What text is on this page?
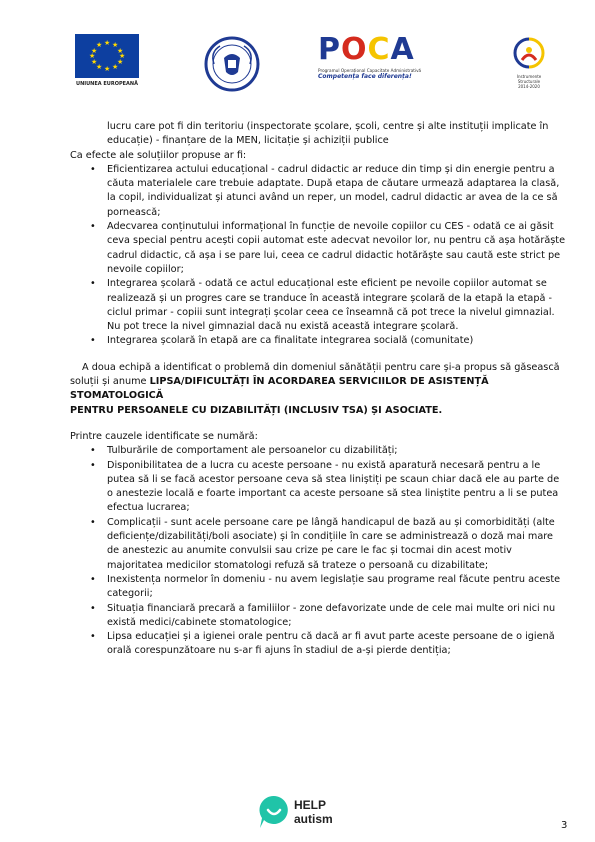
★ ★
★
★
★
★
★
★
★
★
★
★
UNIUNEA EUROPEANĂ
POCA
Programul Operațional Capacitate Administrativă
Competența face diferența!	Instrumente Structurale
2014-2020

lucru care pot fi din teritoriu (inspectorate școlare, școli, centre și alte instituții implicate în

educație) - finanțare de la MEN, licitație și achiziții publice

Ca efecte ale soluțiilor propuse ar fi:

• Eficientizarea actului educațional - cadrul didactic ar reduce din timp și din energie pentru a
căuta materialele care trebuie adaptate. După etapa de căutare urmează adaptarea la clasă,
la copil, individualizat și atunci având un reper, un model, cadrul didactic ar avea de la ce să
pornească;
• Adecvarea conținutului informațional în funcție de nevoile copiilor cu CES - odată ce ai găsit
ceva special pentru acești copii automat este adecvat nevoilor lor, nu pentru că așa hotărăște
cadrul didactic, că așa i se pare lui, ceea ce cadrul didactic hotărăște sau caută este strict pe
nevoile copiilor;
• Integrarea școlară - odată ce actul educațional este eficient pe nevoile copiilor automat se
realizează și un progres care se tranduce în această integrare școlară de la etapă la etapă -
ciclul primar - copiii sunt integrați școlar ceea ce înseamnă că pot trece la nivelul gimnazial.
Nu pot trece la nivel gimnazial dacă nu există această integrare școlară.
• Integrarea școlară în etapă are ca finalitate integrarea socială (comunitate)

A doua echipă a identificat o problemă din domeniul sănătății pentru care și-a propus să găsească

soluții și anume LIPSA/DIFICULTĂȚI ÎN ACORDAREA SERVICIILOR DE ASISTENȚĂ STOMATOLOGICĂ

PENTRU PERSOANELE CU DIZABILITĂȚI (INCLUSIV TSA) ȘI ASOCIATE.

Printre cauzele identificate se numără:

• Tulburările de comportament ale persoanelor cu dizabilități;
• Disponibilitatea de a lucra cu aceste persoane - nu există aparatură necesară pentru a le
putea să li se facă acestor persoane ceva să stea liniștiți pe scaun chiar dacă ele au parte de
o anestezie locală e foarte important ca aceste persoane să stea liniștite pentru a li se putea
efectua lucrarea;
• Complicații - sunt acele persoane care pe lângă handicapul de bază au și comorbidități (alte
deficiențe/dizabilități/boli asociate) și în condițiile în care se administrează o doză mai mare
de anestezic au anumite convulsii sau crize pe care le fac și tocmai din acest motiv
majoritatea medicilor stomatologi refuză să trateze o persoană cu dizabilitate;
• Inexistența normelor în domeniu - nu avem legislație sau programe real făcute pentru aceste
categorii;
• Situația financiară precară a familiilor - zone defavorizate unde de cele mai multe ori nici nu
există medici/cabinete stomatologice;
• Lipsa educației și a igienei orale pentru că dacă ar fi avut parte aceste persoane de o igienă
orală corespunzătoare nu s-ar fi ajuns în stadiul de a-și pierde dentiția;
HELP
autism	3
